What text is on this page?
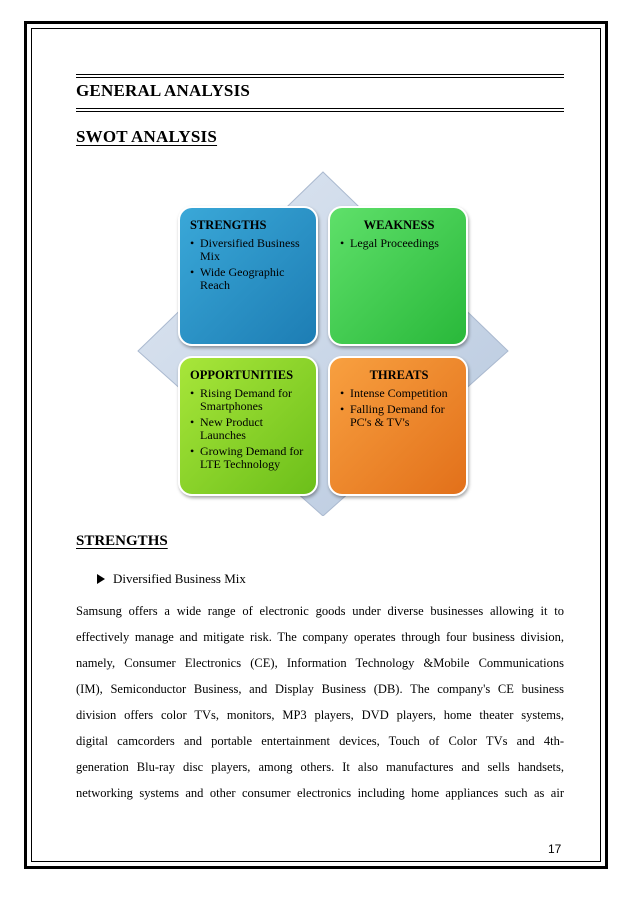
GENERAL ANALYSIS
SWOT ANALYSIS
STRENGTHS
• Diversified Business Mix
• Wide Geographic Reach
WEAKNESS
• Legal Proceedings
OPPORTUNITIES
• Rising Demand for Smartphones
• New Product Launches
• Growing Demand for LTE Technology
THREATS
• Intense Competition
• Falling Demand for PC's & TV's
STRENGTHS
Diversified Business Mix
Samsung offers a wide range of electronic goods under diverse businesses allowing it to
effectively manage and mitigate risk. The company operates through four business division,
namely, Consumer Electronics (CE), Information Technology &Mobile Communications
(IM), Semiconductor Business, and Display Business (DB). The company's CE business
division offers color TVs, monitors, MP3 players, DVD players, home theater systems,
digital camcorders and portable entertainment devices, Touch of Color TVs and 4th-
generation Blu-ray disc players, among others. It also manufactures and sells handsets,
networking systems and other consumer electronics including home appliances such as air
17
